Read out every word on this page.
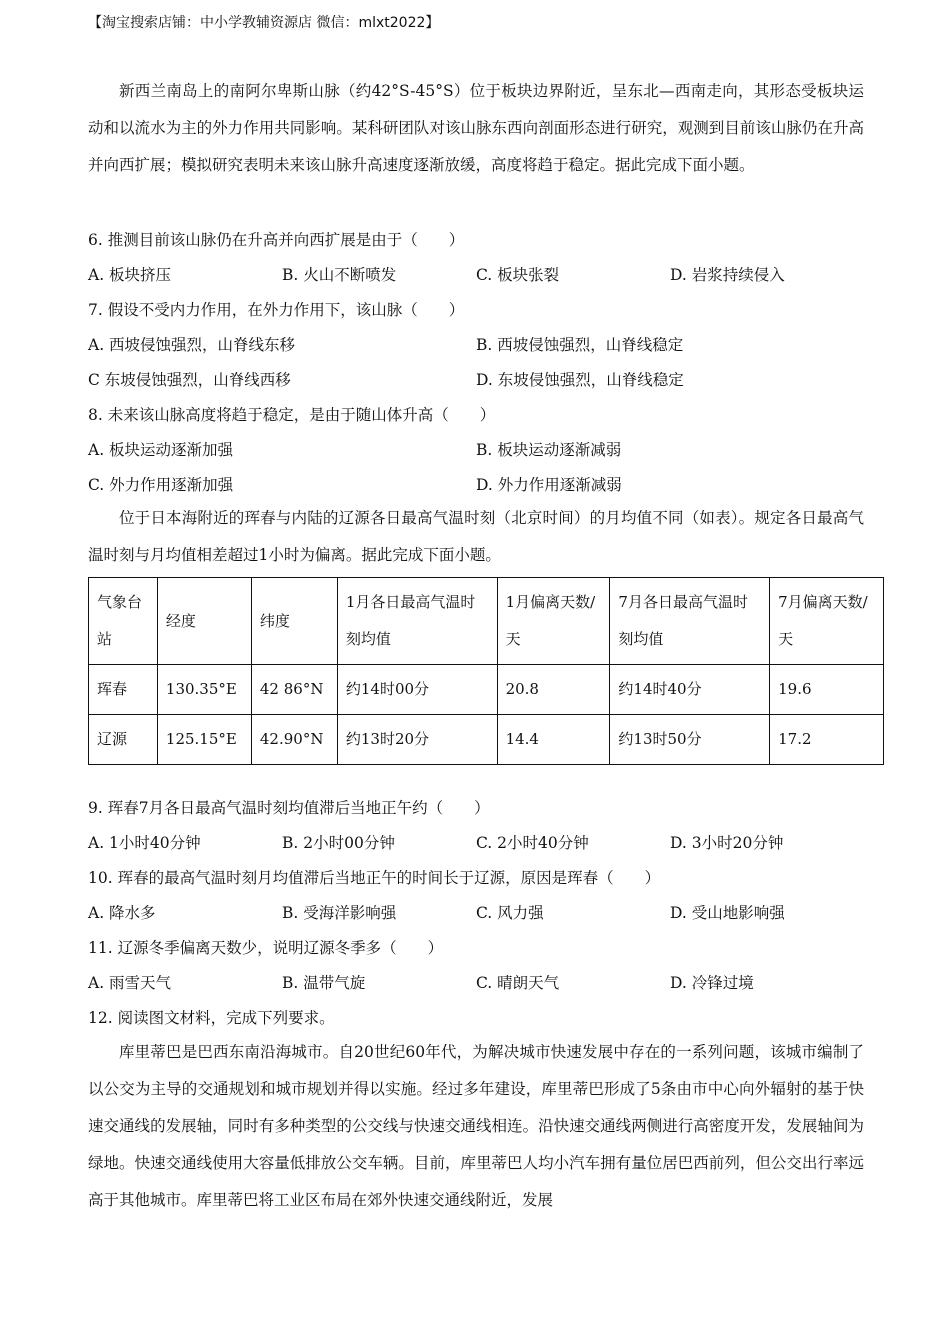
【淘宝搜索店铺：中小学教辅资源店 微信：mlxt2022】

新西兰南岛上的南阿尔卑斯山脉（约42°S-45°S）位于板块边界附近，呈东北—西南走向，其形态受板块运动和以流水为主的外力作用共同影响。某科研团队对该山脉东西向剖面形态进行研究，观测到目前该山脉仍在升高并向西扩展；模拟研究表明未来该山脉升高速度逐渐放缓，高度将趋于稳定。据此完成下面小题。

6. 推测目前该山脉仍在升高并向西扩展是由于（　　）
A. 板块挤压	B. 火山不断喷发	C. 板块张裂	D. 岩浆持续侵入
7. 假设不受内力作用，在外力作用下，该山脉（　　）
A. 西坡侵蚀强烈，山脊线东移	B. 西坡侵蚀强烈，山脊线稳定
C 东坡侵蚀强烈，山脊线西移	D. 东坡侵蚀强烈，山脊线稳定
8. 未来该山脉高度将趋于稳定，是由于随山体升高（　　）
A. 板块运动逐渐加强	B. 板块运动逐渐减弱
C. 外力作用逐渐加强	D. 外力作用逐渐减弱

位于日本海附近的珲春与内陆的辽源各日最高气温时刻（北京时间）的月均值不同（如表）。规定各日最高气温时刻与月均值相差超过1小时为偏离。据此完成下面小题。

气象台站	经度	纬度	1月各日最高气温时刻均值	1月偏离天数/天	7月各日最高气温时刻均值	7月偏离天数/天
珲春	130.35°E	42 86°N	约14时00分	20.8	约14时40分	19.6
辽源	125.15°E	42.90°N	约13时20分	14.4	约13时50分	17.2
9. 珲春7月各日最高气温时刻均值滞后当地正午约（　　）
A. 1小时40分钟	B. 2小时00分钟	C. 2小时40分钟	D. 3小时20分钟
10. 珲春的最高气温时刻月均值滞后当地正午的时间长于辽源，原因是珲春（　　）
A. 降水多	B. 受海洋影响强	C. 风力强	D. 受山地影响强
11. 辽源冬季偏离天数少，说明辽源冬季多（　　）
A. 雨雪天气	B. 温带气旋	C. 晴朗天气	D. 冷锋过境
12. 阅读图文材料，完成下列要求。

库里蒂巴是巴西东南沿海城市。自20世纪60年代，为解决城市快速发展中存在的一系列问题，该城市编制了以公交为主导的交通规划和城市规划并得以实施。经过多年建设，库里蒂巴形成了5条由市中心向外辐射的基于快速交通线的发展轴，同时有多种类型的公交线与快速交通线相连。沿快速交通线两侧进行高密度开发，发展轴间为绿地。快速交通线使用大容量低排放公交车辆。目前，库里蒂巴人均小汽车拥有量位居巴西前列，但公交出行率远高于其他城市。库里蒂巴将工业区布局在郊外快速交通线附近，发展
